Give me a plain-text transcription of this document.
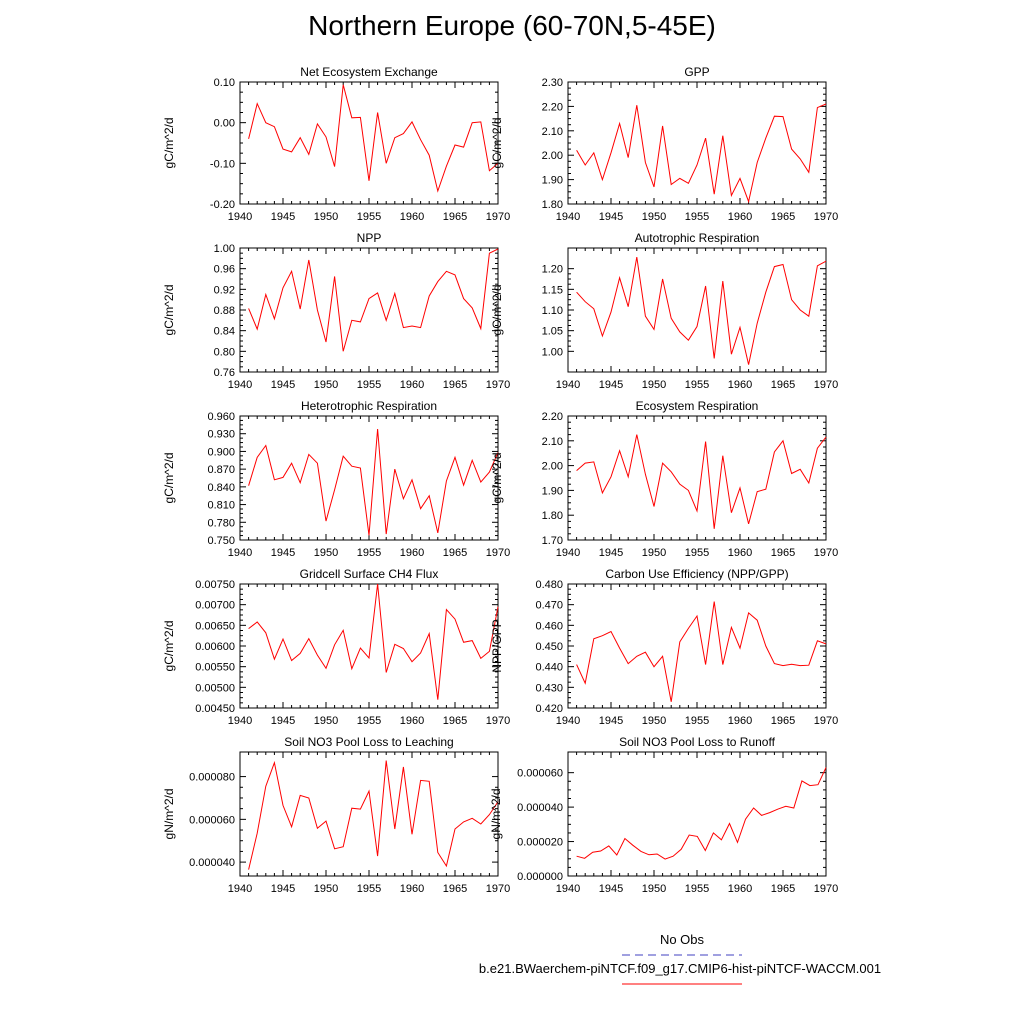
Northern Europe (60-70N,5-45E)
Net Ecosystem Exchange
gC/m^2/d
1940 1945 1950 1955 1960 1965 1970
-0.20
-0.10
0.00
0.10
GPP
gC/m^2/d
1940 1945 1950 1955 1960 1965 1970
1.80
1.90
2.00
2.10
2.20
2.30
NPP
gC/m^2/d
1940 1945 1950 1955 1960 1965 1970
0.76
0.80
0.84
0.88
0.92
0.96
1.00
Autotrophic Respiration
gC/m^2/d
1940 1945 1950 1955 1960 1965 1970
1.00
1.05
1.10
1.15
1.20
Heterotrophic Respiration
gC/m^2/d
1940 1945 1950 1955 1960 1965 1970
0.750
0.780
0.810
0.840
0.870
0.900
0.930
0.960
Ecosystem Respiration
gC/m^2/d
1940 1945 1950 1955 1960 1965 1970
1.70
1.80
1.90
2.00
2.10
2.20
Gridcell Surface CH4 Flux
gC/m^2/d
1940 1945 1950 1955 1960 1965 1970
0.00450
0.00500
0.00550
0.00600
0.00650
0.00700
0.00750
Carbon Use Efficiency (NPP/GPP)
NPP/GPP
1940 1945 1950 1955 1960 1965 1970
0.420
0.430
0.440
0.450
0.460
0.470
0.480
Soil NO3 Pool Loss to Leaching
gN/m^2/d
1940 1945 1950 1955 1960 1965 1970
0.000040
0.000060
0.000080
Soil NO3 Pool Loss to Runoff
gN/m^2/d
1940 1945 1950 1955 1960 1965 1970
0.000000
0.000020
0.000040
0.000060
No Obs
b.e21.BWaerchem-piNTCF.f09_g17.CMIP6-hist-piNTCF-WACCM.001
